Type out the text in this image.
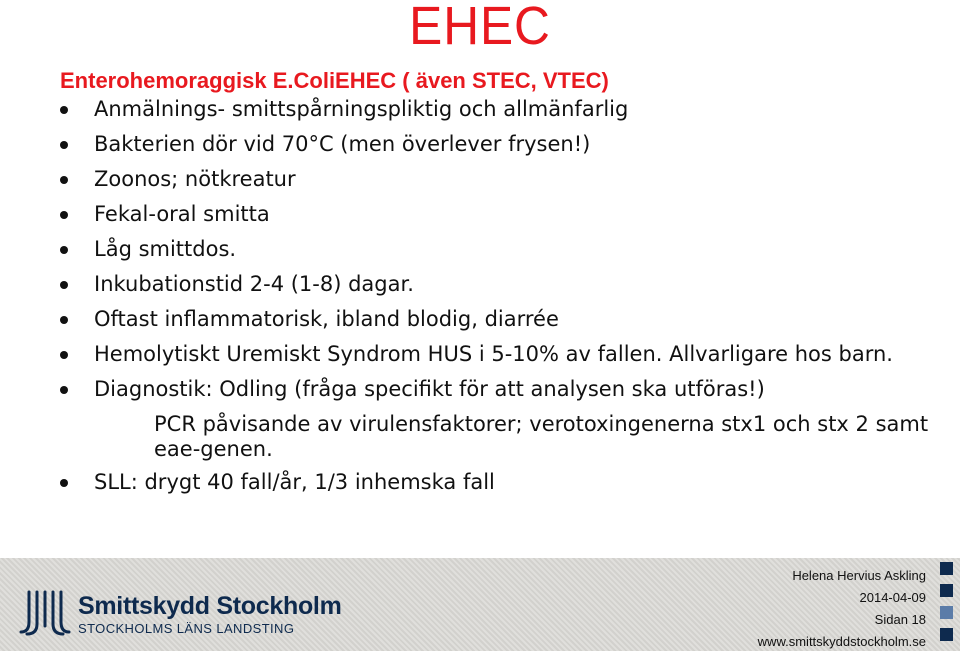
EHEC
Enterohemoraggisk E.ColiEHEC ( även STEC, VTEC)
Anmälnings- smittspårningspliktig och allmänfarlig
Bakterien dör vid 70°C (men överlever frysen!)
Zoonos; nötkreatur
Fekal-oral smitta
Låg smittdos.
Inkubationstid 2-4 (1-8) dagar.
Oftast inflammatorisk, ibland blodig, diarrée
Hemolytiskt Uremiskt Syndrom HUS i 5-10% av fallen. Allvarligare hos barn.
Diagnostik: Odling (fråga specifikt för att analysen ska utföras!)
PCR påvisande av virulensfaktorer; verotoxingenerna stx1 och stx 2 samt eae-genen.
SLL: drygt 40 fall/år, 1/3 inhemska fall
Smittskydd Stockholm
STOCKHOLMS LÄNS LANDSTING
Helena Hervius Askling
2014-04-09
Sidan 18
www.smittskyddstockholm.se
